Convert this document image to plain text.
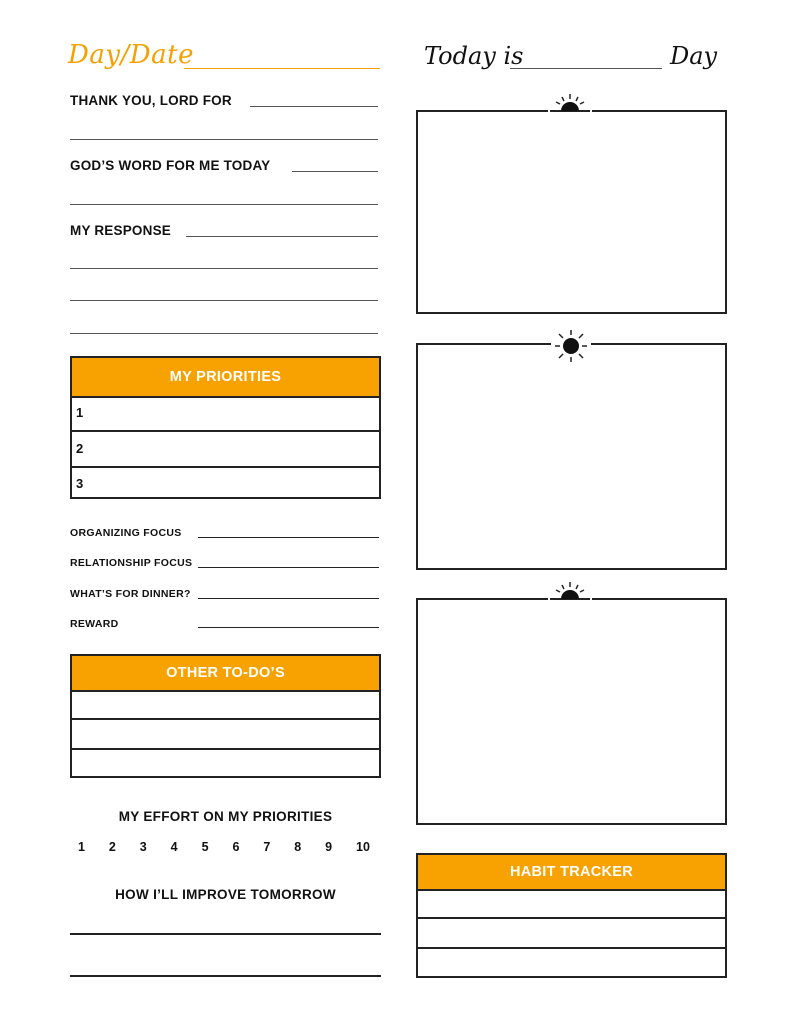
Day/Date	Today is	Day
THANK YOU, LORD FOR
GOD’S WORD FOR ME TODAY
MY RESPONSE
MY PRIORITIES
1
2
3
ORGANIZING FOCUS
RELATIONSHIP FOCUS
WHAT’S FOR DINNER?
REWARD
OTHER TO-DO’S
MY EFFORT ON MY PRIORITIES
1 2 3 4 5 6 7 8 9 10
HOW I’LL IMPROVE TOMORROW
HABIT TRACKER
